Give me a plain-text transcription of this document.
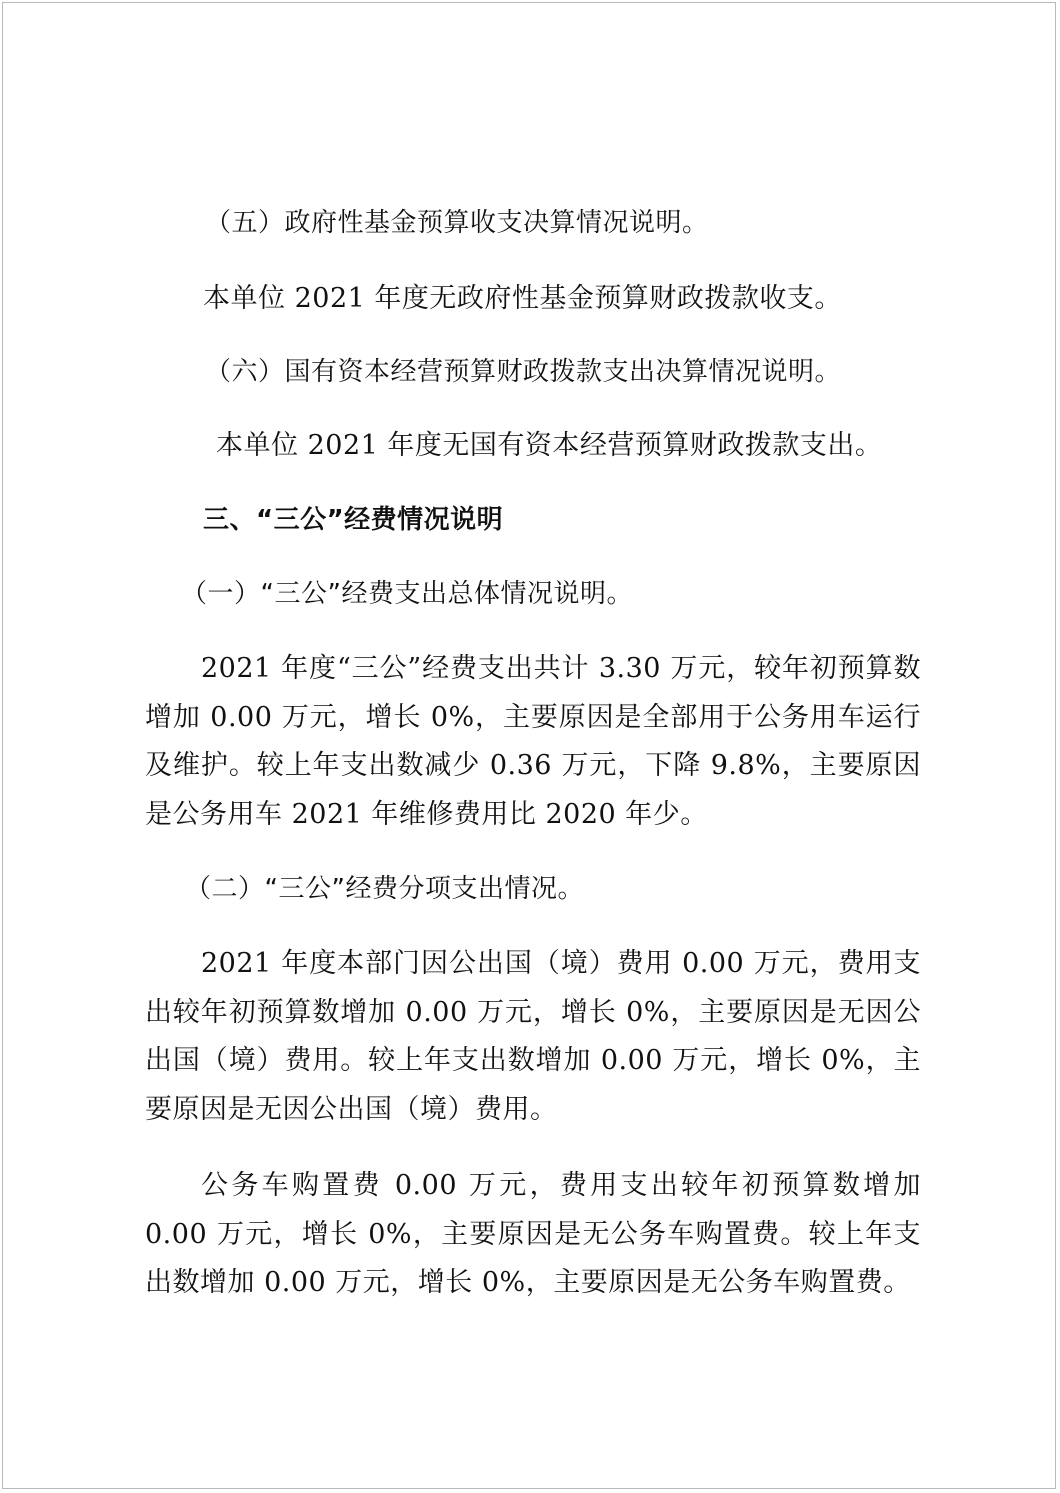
（五）政府性基金预算收支决算情况说明。
本单位 2021 年度无政府性基金预算财政拨款收支。
（六）国有资本经营预算财政拨款支出决算情况说明。
本单位 2021 年度无国有资本经营预算财政拨款支出。
三、“三公”经费情况说明
（一）“三公”经费支出总体情况说明。
2021 年度“三公”经费支出共计 3.30 万元，较年初预算数增加 0.00 万元，增长 0%，主要原因是全部用于公务用车运行及维护。较上年支出数减少 0.36 万元，下降 9.8%，主要原因是公务用车 2021 年维修费用比 2020 年少。
（二）“三公”经费分项支出情况。
2021 年度本部门因公出国（境）费用 0.00 万元，费用支出较年初预算数增加 0.00 万元，增长 0%，主要原因是无因公出国（境）费用。较上年支出数增加 0.00 万元，增长 0%，主要原因是无因公出国（境）费用。
公务车购置费 0.00 万元，费用支出较年初预算数增加 0.00 万元，增长 0%，主要原因是无公务车购置费。较上年支出数增加 0.00 万元，增长 0%，主要原因是无公务车购置费。
